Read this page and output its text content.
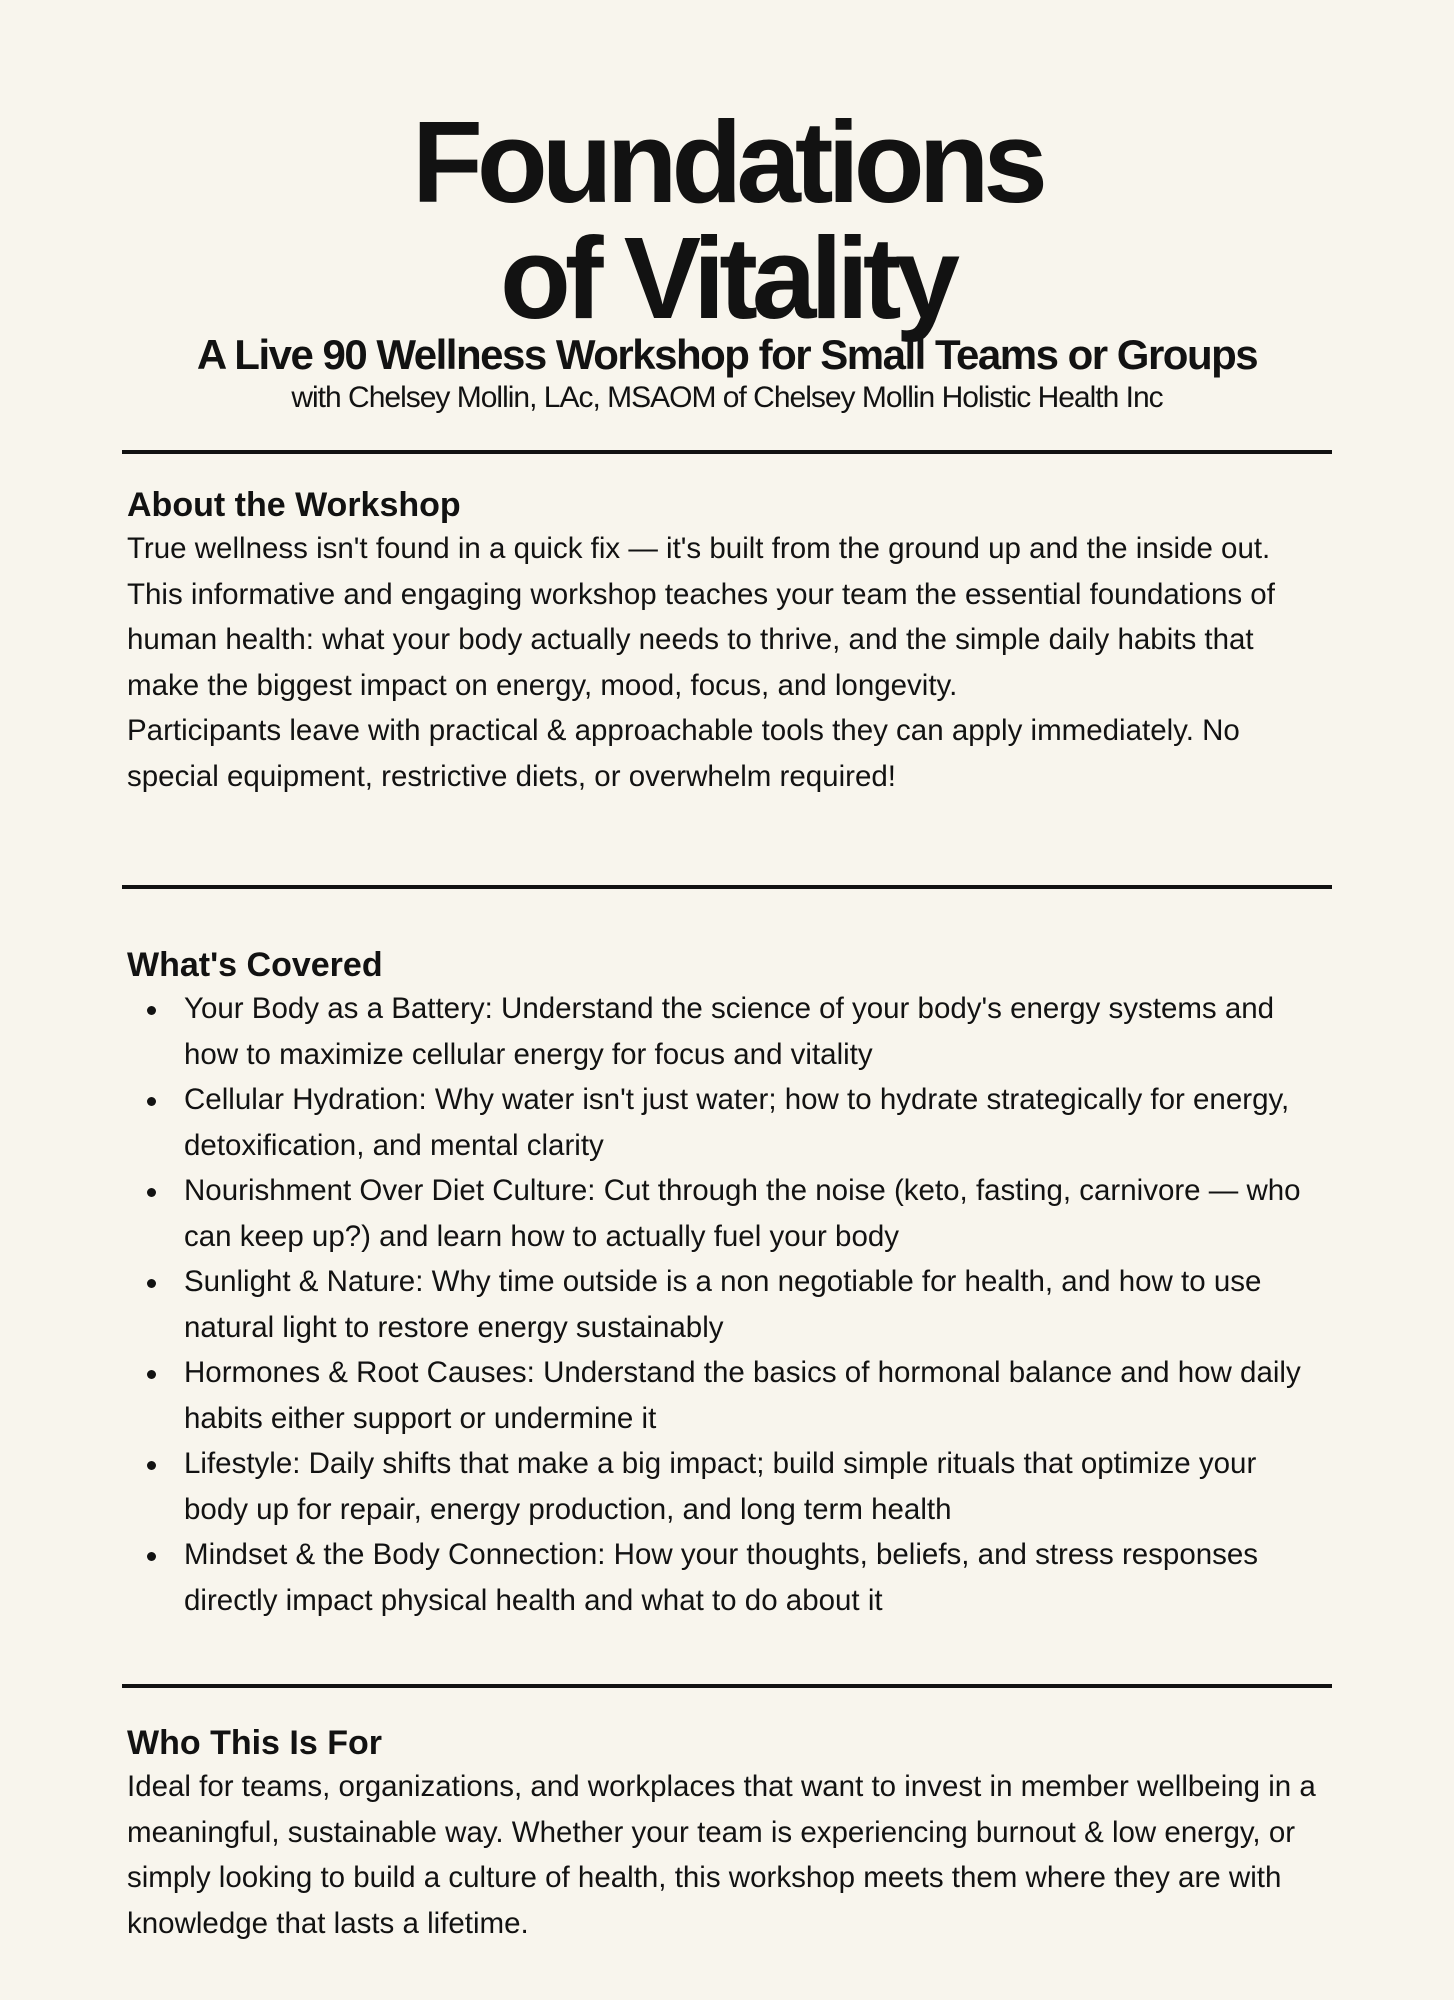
Foundations
of Vitality
A Live 90 Wellness Workshop for Small Teams or Groups
with Chelsey Mollin, LAc, MSAOM of Chelsey Mollin Holistic Health Inc
About the Workshop

True wellness isn't found in a quick fix — it's built from the ground up and the inside out. This informative and engaging workshop teaches your team the essential foundations of human health: what your body actually needs to thrive, and the simple daily habits that make the biggest impact on energy, mood, focus, and longevity.

Participants leave with practical & approachable tools they can apply immediately. No special equipment, restrictive diets, or overwhelm required!

What's Covered
Your Body as a Battery: Understand the science of your body's energy systems and how to maximize cellular energy for focus and vitality
Cellular Hydration: Why water isn't just water; how to hydrate strategically for energy, detoxification, and mental clarity
Nourishment Over Diet Culture: Cut through the noise (keto, fasting, carnivore — who can keep up?) and learn how to actually fuel your body
Sunlight & Nature: Why time outside is a non negotiable for health, and how to use natural light to restore energy sustainably
Hormones & Root Causes: Understand the basics of hormonal balance and how daily habits either support or undermine it
Lifestyle: Daily shifts that make a big impact; build simple rituals that optimize your body up for repair, energy production, and long term health
Mindset & the Body Connection: How your thoughts, beliefs, and stress responses directly impact physical health and what to do about it
Who This Is For

Ideal for teams, organizations, and workplaces that want to invest in member wellbeing in a meaningful, sustainable way. Whether your team is experiencing burnout & low energy, or simply looking to build a culture of health, this workshop meets them where they are with knowledge that lasts a lifetime.
